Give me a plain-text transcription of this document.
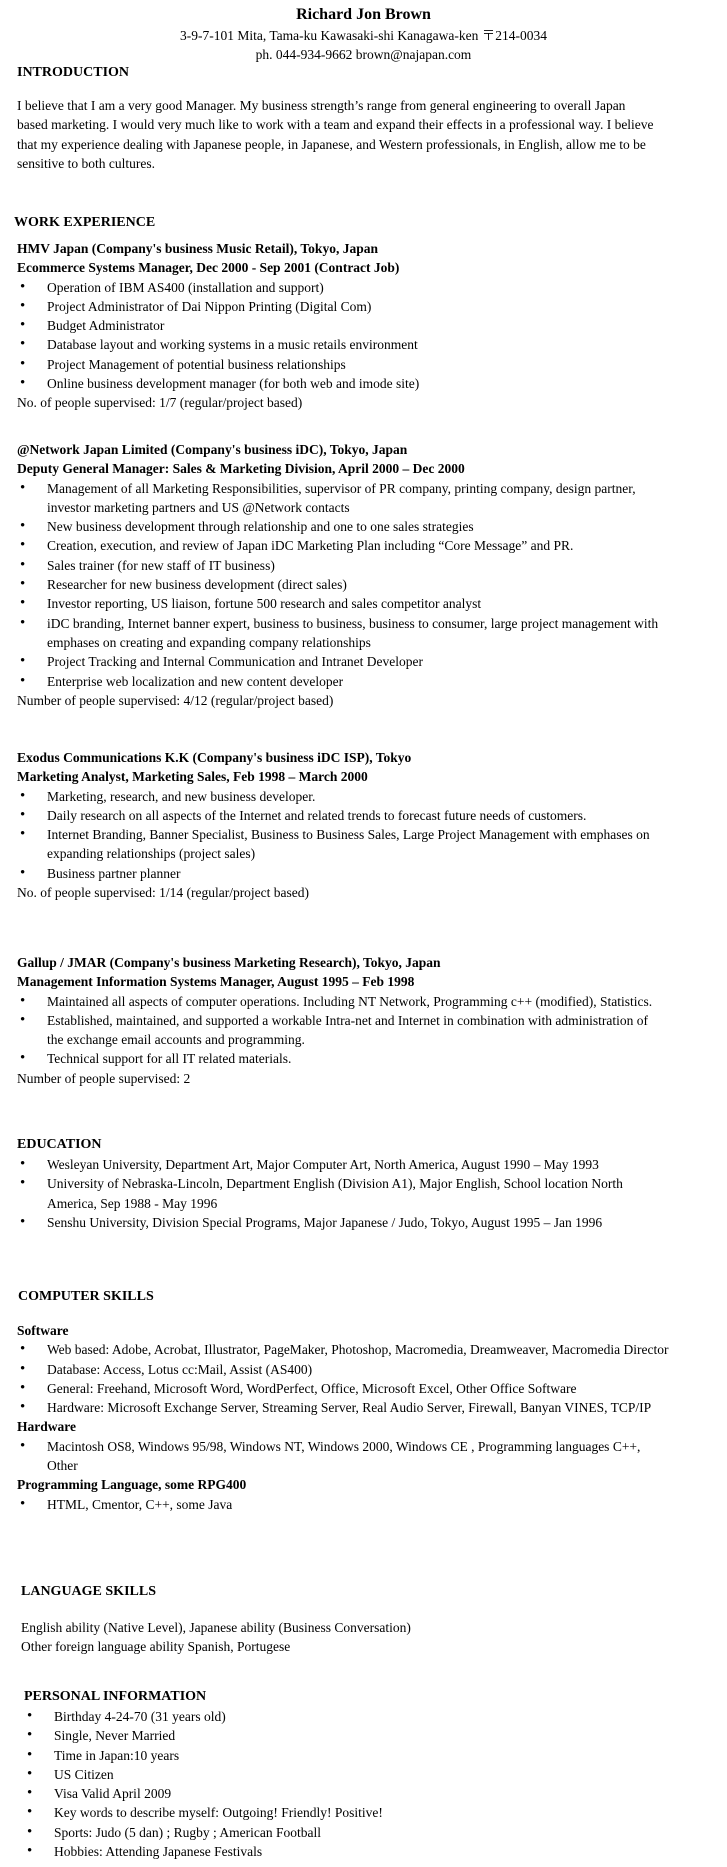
Richard Jon Brown
3-9-7-101 Mita, Tama-ku Kawasaki-shi Kanagawa-ken 〒214-0034
ph. 044-934-9662 brown@najapan.com
INTRODUCTION

I believe that I am a very good Manager. My business strength’s range from general engineering to overall Japan based marketing. I would very much like to work with a team and expand their effects in a professional way. I believe that my experience dealing with Japanese people, in Japanese, and Western professionals, in English, allow me to be sensitive to both cultures.

WORK EXPERIENCE
HMV Japan (Company's business Music Retail), Tokyo, Japan
Ecommerce Systems Manager, Dec 2000 - Sep 2001 (Contract Job)
• Operation of IBM AS400 (installation and support)
• Project Administrator of Dai Nippon Printing (Digital Com)
• Budget Administrator
• Database layout and working systems in a music retails environment
• Project Management of potential business relationships
• Online business development manager (for both web and imode site)
No. of people supervised: 1/7 (regular/project based)
@Network Japan Limited (Company's business iDC), Tokyo, Japan
Deputy General Manager: Sales & Marketing Division, April 2000 – Dec 2000
• Management of all Marketing Responsibilities, supervisor of PR company, printing company, design partner, investor marketing partners and US @Network contacts
• New business development through relationship and one to one sales strategies
• Creation, execution, and review of Japan iDC Marketing Plan including “Core Message” and PR.
• Sales trainer (for new staff of IT business)
• Researcher for new business development (direct sales)
• Investor reporting, US liaison, fortune 500 research and sales competitor analyst
• iDC branding, Internet banner expert, business to business, business to consumer, large project management with emphases on creating and expanding company relationships
• Project Tracking and Internal Communication and Intranet Developer
• Enterprise web localization and new content developer
Number of people supervised: 4/12 (regular/project based)
Exodus Communications K.K (Company's business iDC ISP), Tokyo
Marketing Analyst, Marketing Sales, Feb 1998 – March 2000
• Marketing, research, and new business developer.
• Daily research on all aspects of the Internet and related trends to forecast future needs of customers.
• Internet Branding, Banner Specialist, Business to Business Sales, Large Project Management with emphases on expanding relationships (project sales)
• Business partner planner
No. of people supervised: 1/14 (regular/project based)
Gallup / JMAR (Company's business Marketing Research), Tokyo, Japan
Management Information Systems Manager, August 1995 – Feb 1998
• Maintained all aspects of computer operations. Including NT Network, Programming c++ (modified), Statistics.
• Established, maintained, and supported a workable Intra-net and Internet in combination with administration of the exchange email accounts and programming.
• Technical support for all IT related materials.
Number of people supervised: 2
EDUCATION
• Wesleyan University, Department Art, Major Computer Art, North America, August 1990 – May 1993
• University of Nebraska-Lincoln, Department English (Division A1), Major English, School location North America, Sep 1988 - May 1996
• Senshu University, Division Special Programs, Major Japanese / Judo, Tokyo, August 1995 – Jan 1996
COMPUTER SKILLS
Software
• Web based: Adobe, Acrobat, Illustrator, PageMaker, Photoshop, Macromedia, Dreamweaver, Macromedia Director
• Database: Access, Lotus cc:Mail, Assist (AS400)
• General: Freehand, Microsoft Word, WordPerfect, Office, Microsoft Excel, Other Office Software
• Hardware: Microsoft Exchange Server, Streaming Server, Real Audio Server, Firewall, Banyan VINES, TCP/IP
Hardware
• Macintosh OS8, Windows 95/98, Windows NT, Windows 2000, Windows CE , Programming languages C++, Other
Programming Language, some RPG400
• HTML, Cmentor, C++, some Java
LANGUAGE SKILLS
English ability (Native Level), Japanese ability (Business Conversation)
Other foreign language ability Spanish, Portugese
PERSONAL INFORMATION
• Birthday 4-24-70 (31 years old)
• Single, Never Married
• Time in Japan:10 years
• US Citizen
• Visa Valid April 2009
• Key words to describe myself: Outgoing! Friendly! Positive!
• Sports: Judo (5 dan) ; Rugby ; American Football
• Hobbies: Attending Japanese Festivals
